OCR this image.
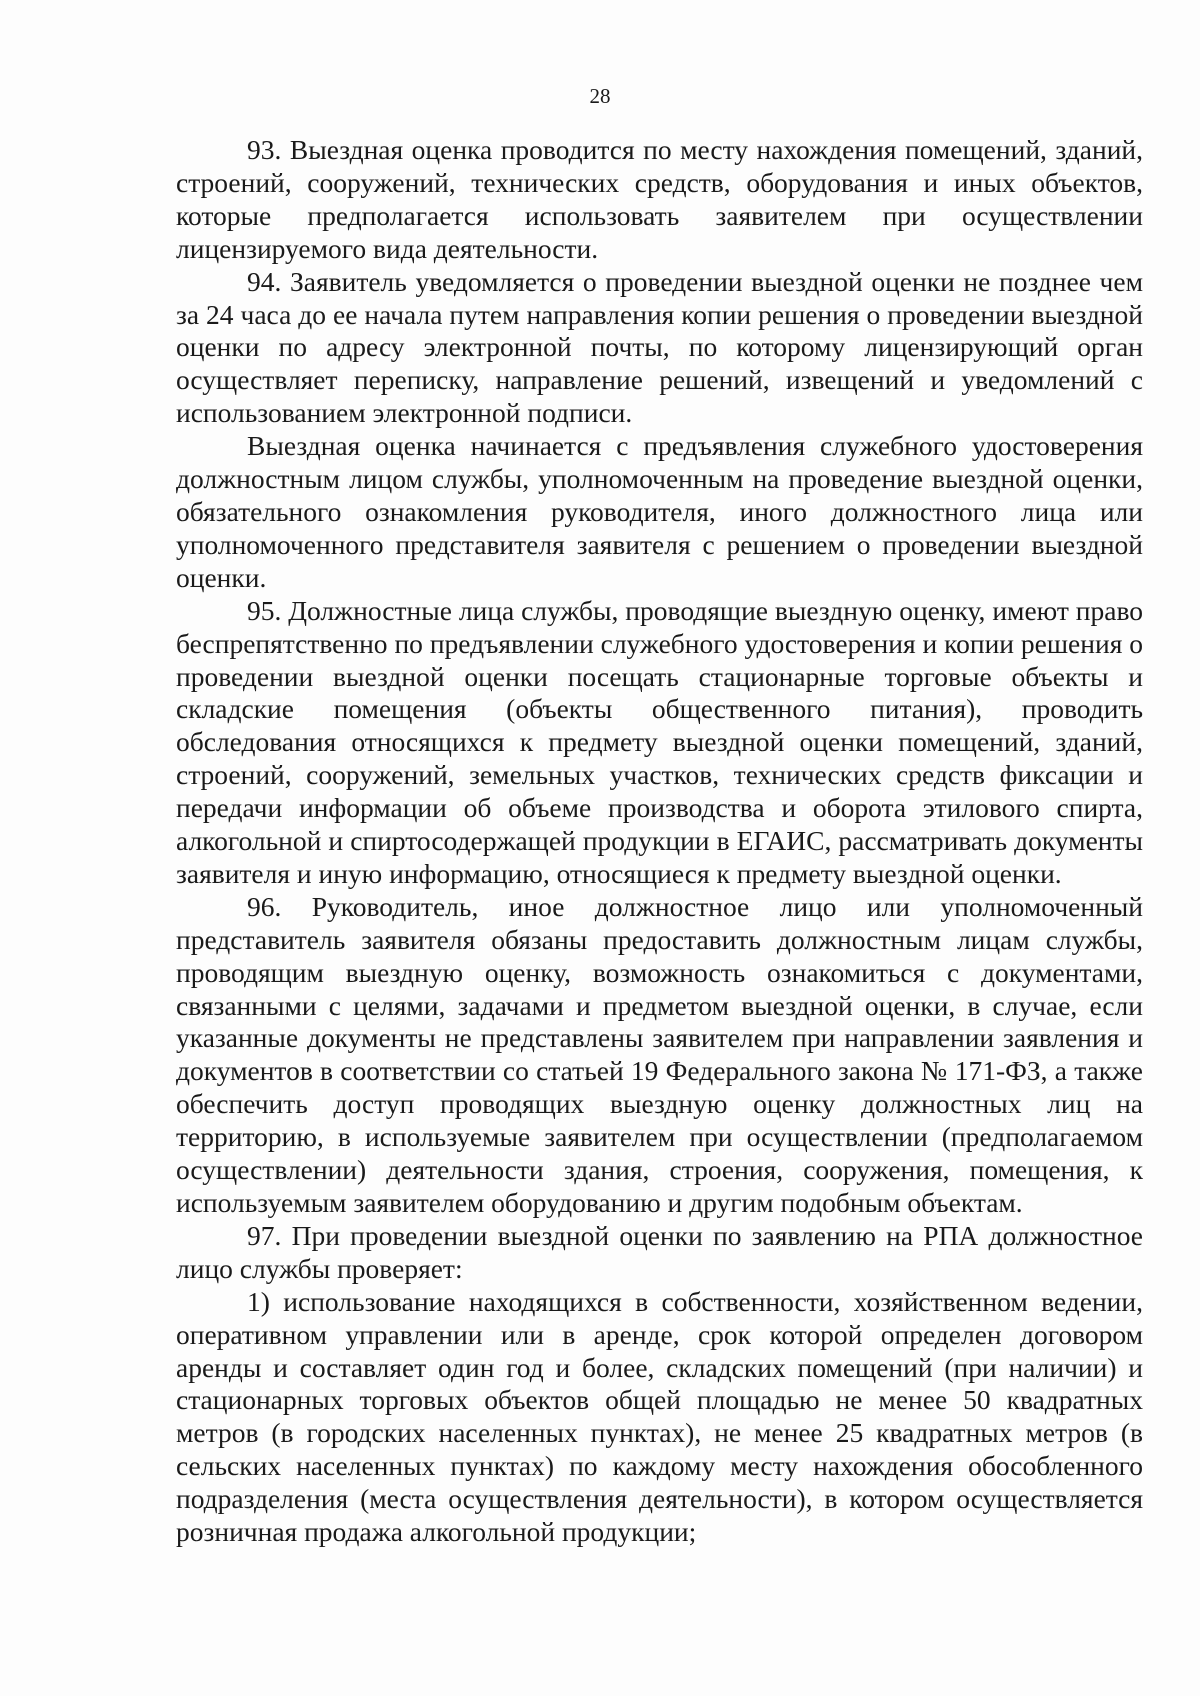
28

93. Выездная оценка проводится по месту нахождения помещений, зданий, строений, сооружений, технических средств, оборудования и иных объектов, которые предполагается использовать заявителем при осуществлении лицензируемого вида деятельности.

94. Заявитель уведомляется о проведении выездной оценки не позднее чем за 24 часа до ее начала путем направления копии решения о проведении выездной оценки по адресу электронной почты, по которому лицензирующий орган осуществляет переписку, направление решений, извещений и уведомлений с использованием электронной подписи.

Выездная оценка начинается с предъявления служебного удостоверения должностным лицом службы, уполномоченным на проведение выездной оценки, обязательного ознакомления руководителя, иного должностного лица или уполномоченного представителя заявителя с решением о проведении выездной оценки.

95. Должностные лица службы, проводящие выездную оценку, имеют право беспрепятственно по предъявлении служебного удостоверения и копии решения о проведении выездной оценки посещать стационарные торговые объекты и складские помещения (объекты общественного питания), проводить обследования относящихся к предмету выездной оценки помещений, зданий, строений, сооружений, земельных участков, технических средств фиксации и передачи информации об объеме производства и оборота этилового спирта, алкогольной и спиртосодержащей продукции в ЕГАИС, рассматривать документы заявителя и иную информацию, относящиеся к предмету выездной оценки.

96. Руководитель, иное должностное лицо или уполномоченный представитель заявителя обязаны предоставить должностным лицам службы, проводящим выездную оценку, возможность ознакомиться с документами, связанными с целями, задачами и предметом выездной оценки, в случае, если указанные документы не представлены заявителем при направлении заявления и документов в соответствии со статьей 19 Федерального закона № 171-ФЗ, а также обеспечить доступ проводящих выездную оценку должностных лиц на территорию, в используемые заявителем при осуществлении (предполагаемом осуществлении) деятельности здания, строения, сооружения, помещения, к используемым заявителем оборудованию и другим подобным объектам.

97. При проведении выездной оценки по заявлению на РПА должностное лицо службы проверяет:

1) использование находящихся в собственности, хозяйственном ведении, оперативном управлении или в аренде, срок которой определен договором аренды и составляет один год и более, складских помещений (при наличии) и стационарных торговых объектов общей площадью не менее 50 квадратных метров (в городских населенных пунктах), не менее 25 квадратных метров (в сельских населенных пунктах) по каждому месту нахождения обособленного подразделения (места осуществления деятельности), в котором осуществляется розничная продажа алкогольной продукции;
